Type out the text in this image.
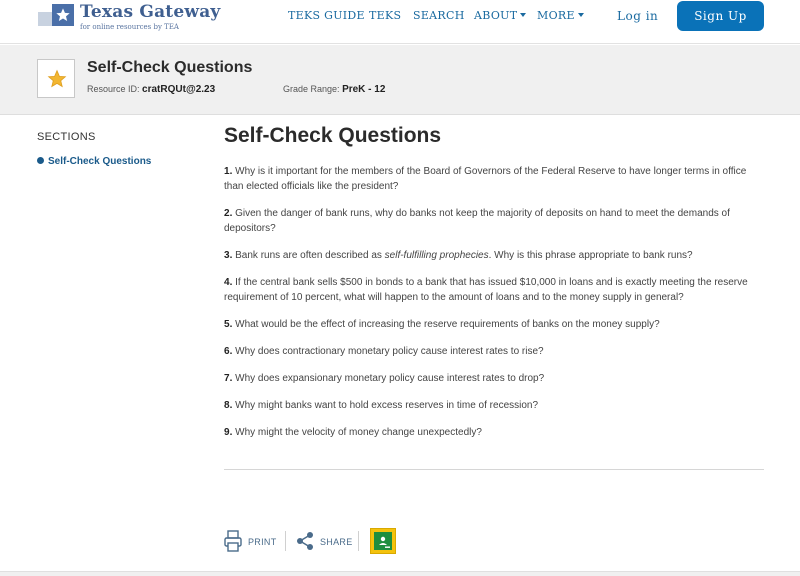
Texas Gateway
for online resources by TEA
TEKS GUIDE TEKS SEARCH ABOUT	MORE	Log in	Sign Up
Self-Check Questions
Resource ID: cratRQUt@2.23	Grade Range: PreK - 12
SECTIONS
Self-Check Questions
Self-Check Questions
1. Why is it important for the members of the Board of Governors of the Federal Reserve to have longer terms in office than elected officials like the president?
2. Given the danger of bank runs, why do banks not keep the majority of deposits on hand to meet the demands of depositors?
3. Bank runs are often described as self-fulfilling prophecies. Why is this phrase appropriate to bank runs?
4. If the central bank sells $500 in bonds to a bank that has issued $10,000 in loans and is exactly meeting the reserve requirement of 10 percent, what will happen to the amount of loans and to the money supply in general?
5. What would be the effect of increasing the reserve requirements of banks on the money supply?
6. Why does contractionary monetary policy cause interest rates to rise?
7. Why does expansionary monetary policy cause interest rates to drop?
8. Why might banks want to hold excess reserves in time of recession?
9. Why might the velocity of money change unexpectedly?
PRINT	SHARE
